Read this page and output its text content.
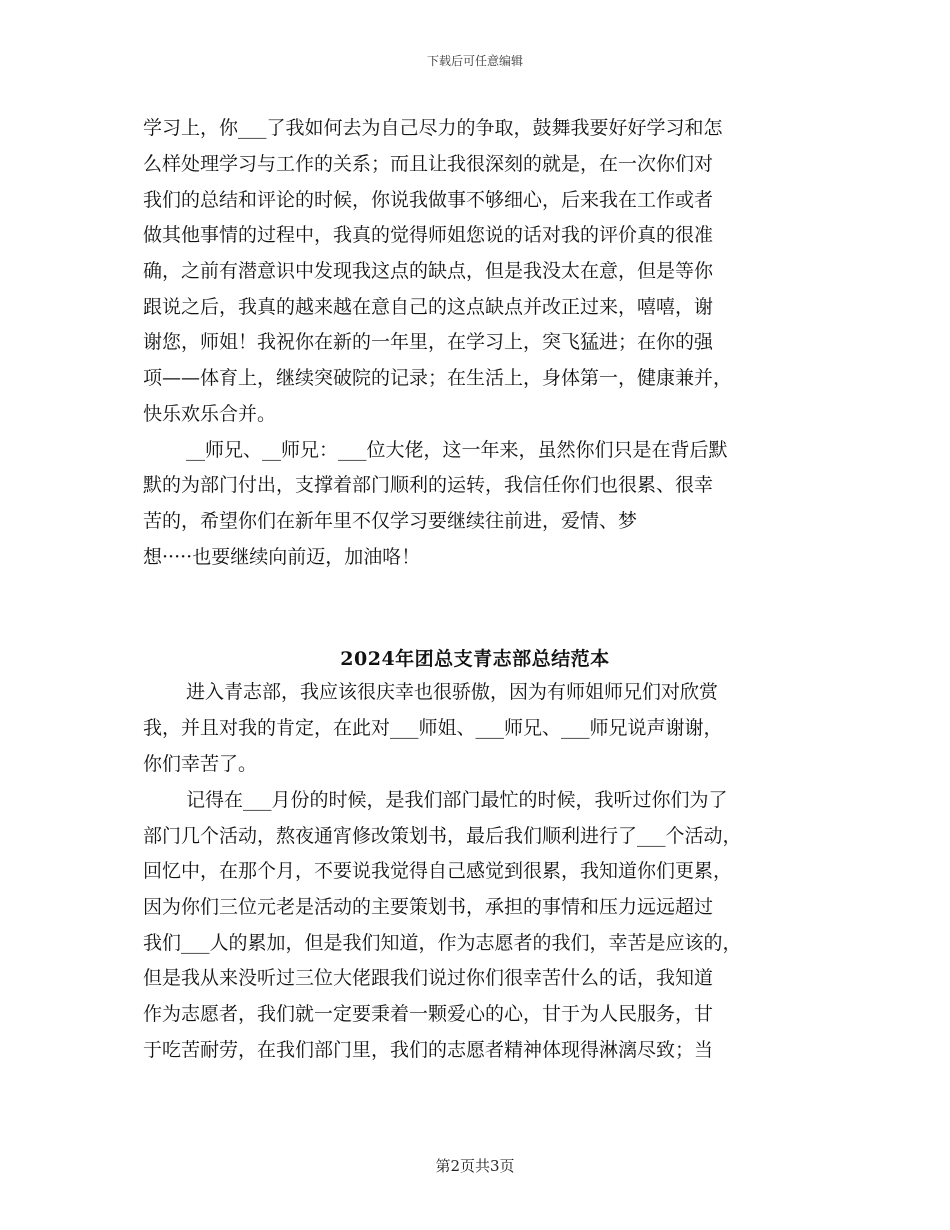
下载后可任意编辑
学习上，你___了我如何去为自己尽力的争取，鼓舞我要好好学习和怎
么样处理学习与工作的关系；而且让我很深刻的就是，在一次你们对
我们的总结和评论的时候，你说我做事不够细心，后来我在工作或者
做其他事情的过程中，我真的觉得师姐您说的话对我的评价真的很准
确，之前有潜意识中发现我这点的缺点，但是我没太在意，但是等你
跟说之后，我真的越来越在意自己的这点缺点并改正过来，嘻嘻，谢
谢您，师姐！我祝你在新的一年里，在学习上，突飞猛进；在你的强
项——体育上，继续突破院的记录；在生活上，身体第一，健康兼并，
快乐欢乐合并。
__师兄、__师兄：___位大佬，这一年来，虽然你们只是在背后默
默的为部门付出，支撑着部门顺利的运转，我信任你们也很累、很幸
苦的，希望你们在新年里不仅学习要继续往前进，爱情、梦
想·····也要继续向前迈，加油咯！
2024年团总支青志部总结范本
进入青志部，我应该很庆幸也很骄傲，因为有师姐师兄们对欣赏
我，并且对我的肯定，在此对___师姐、___师兄、___师兄说声谢谢，
你们幸苦了。
记得在___月份的时候，是我们部门最忙的时候，我听过你们为了
部门几个活动，熬夜通宵修改策划书，最后我们顺利进行了___个活动，
回忆中，在那个月，不要说我觉得自己感觉到很累，我知道你们更累，
因为你们三位元老是活动的主要策划书，承担的事情和压力远远超过
我们___人的累加，但是我们知道，作为志愿者的我们，幸苦是应该的，
但是我从来没听过三位大佬跟我们说过你们很幸苦什么的话，我知道
作为志愿者，我们就一定要秉着一颗爱心的心，甘于为人民服务，甘
于吃苦耐劳，在我们部门里，我们的志愿者精神体现得淋漓尽致；当
第2页共3页
